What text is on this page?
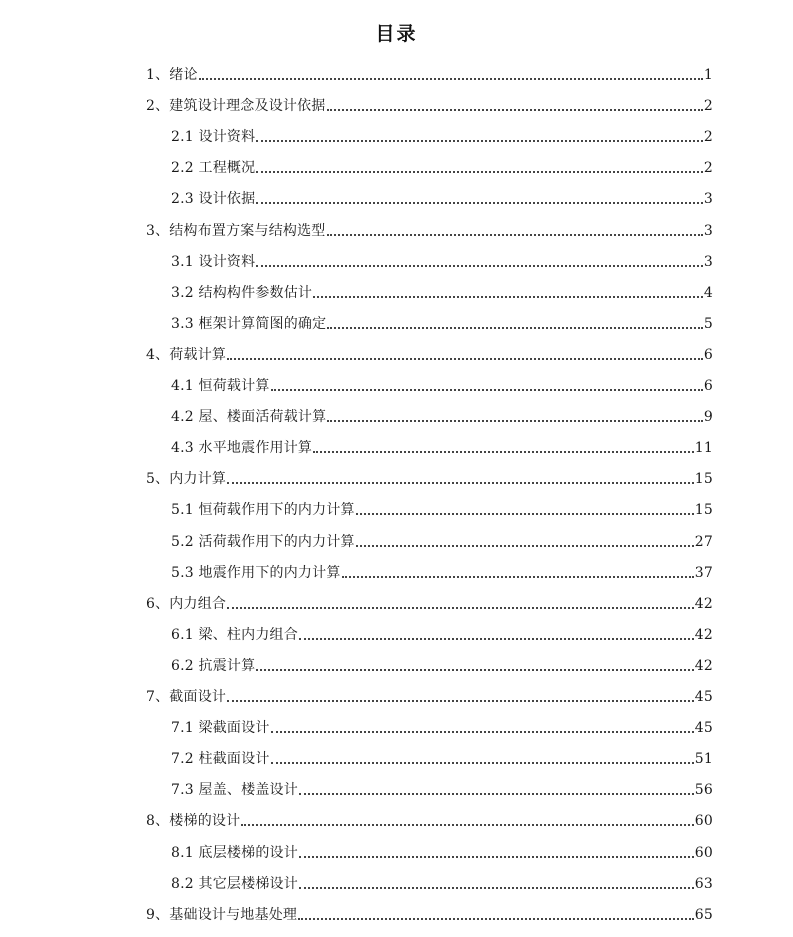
目录
1、绪论	1
2、建筑设计理念及设计依据	2
2.1 设计资料	2
2.2 工程概况	2
2.3 设计依据	3
3、结构布置方案与结构选型	3
3.1 设计资料	3
3.2 结构构件参数估计	4
3.3 框架计算简图的确定	5
4、荷载计算	6
4.1 恒荷载计算	6
4.2 屋、楼面活荷载计算	9
4.3 水平地震作用计算	11
5、内力计算	15
5.1 恒荷载作用下的内力计算	15
5.2 活荷载作用下的内力计算	27
5.3 地震作用下的内力计算	37
6、内力组合	42
6.1 梁、柱内力组合	42
6.2 抗震计算	42
7、截面设计	45
7.1 梁截面设计	45
7.2 柱截面设计	51
7.3 屋盖、楼盖设计	56
8、楼梯的设计	60
8.1 底层楼梯的设计	60
8.2 其它层楼梯设计	63
9、基础设计与地基处理	65
